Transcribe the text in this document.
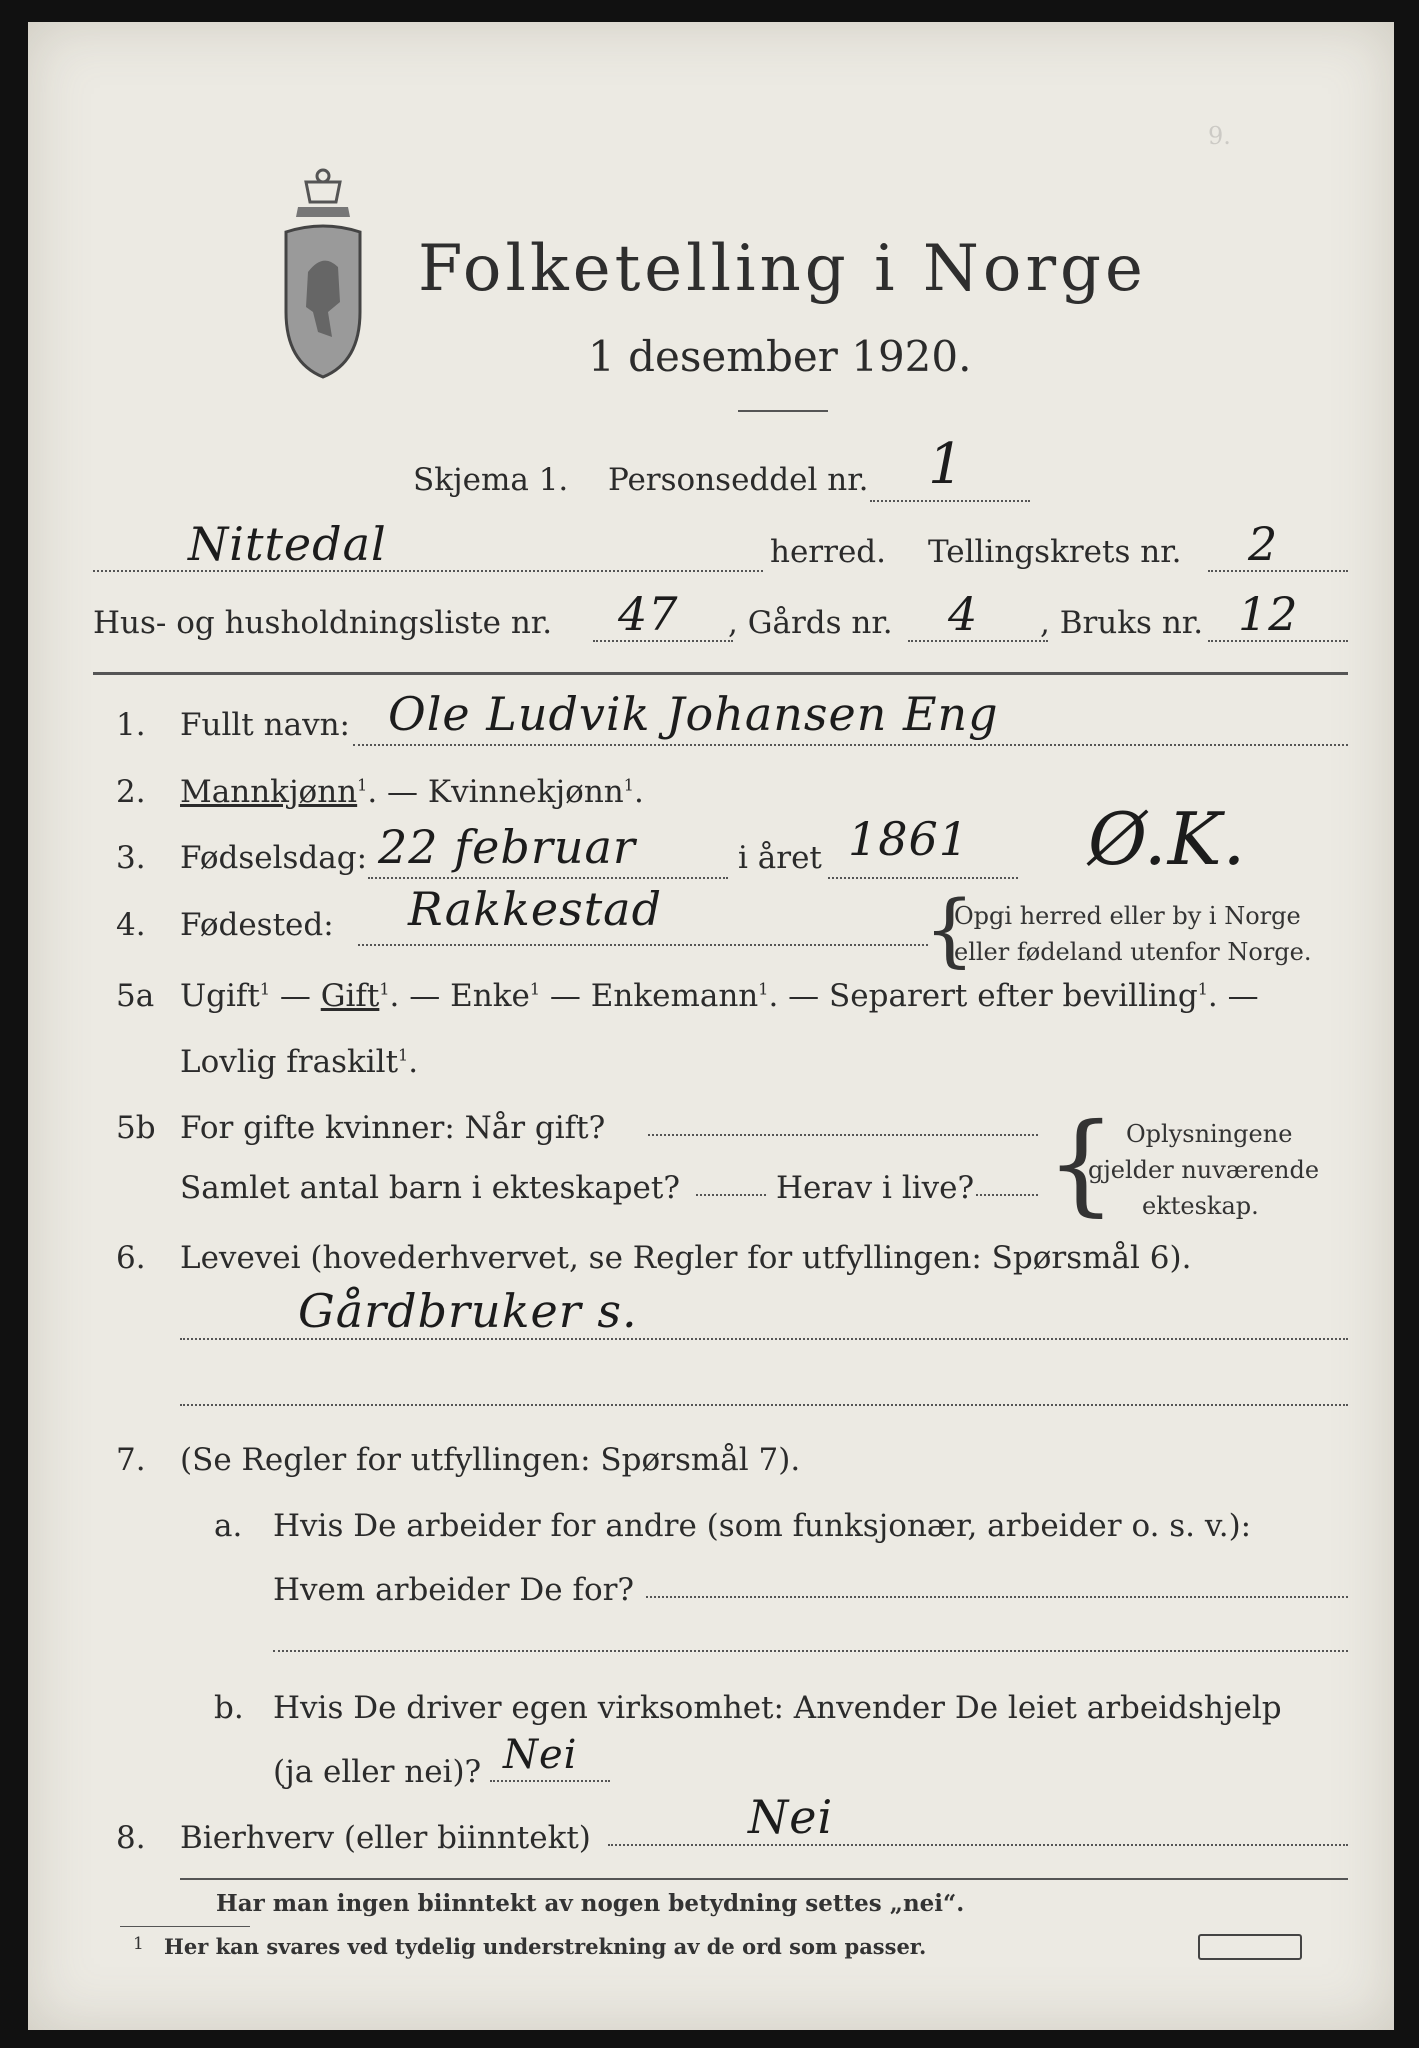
9.
Folketelling i Norge
1 desember 1920.
Skjema 1. Personseddel nr. 1
Nittedal	herred. Tellingskrets nr. 2
Hus- og husholdningsliste nr. 47 , Gårds nr. 4 , Bruks nr. 12
1. Fullt navn: Ole Ludvik Johansen Eng
2. Mannkjønn$^1$. — Kvinnekjønn$^1$.
3. Fødselsdag: 22 februar	i året 1861 Ø.K.
4. Fødested: Rakkestad	{
Opgi herred eller by i Norge
eller fødeland utenfor Norge.
5a Ugift$^1$ — Gift$^1$. — Enke$^1$ — Enkemann$^1$. — Separert efter bevilling$^1$. —
Lovlig fraskilt$^1$.
5b For gifte kvinner: Når gift?
Samlet antal barn i ekteskapet?	Herav i live? { Oplysningene
gjelder nuværende
ekteskap.
6. Levevei (hovederhvervet, se Regler for utfyllingen: Spørsmål 6).
Gårdbruker s.
7. (Se Regler for utfyllingen: Spørsmål 7).
a. Hvis De arbeider for andre (som funksjonær, arbeider o. s. v.):
Hvem arbeider De for?
b. Hvis De driver egen virksomhet: Anvender De leiet arbeidshjelp
(ja eller nei)? Nei
8. Bierhverv (eller biinntekt)	Nei
Har man ingen biinntekt av nogen betydning settes „nei“.
1 Her kan svares ved tydelig understrekning av de ord som passer.
